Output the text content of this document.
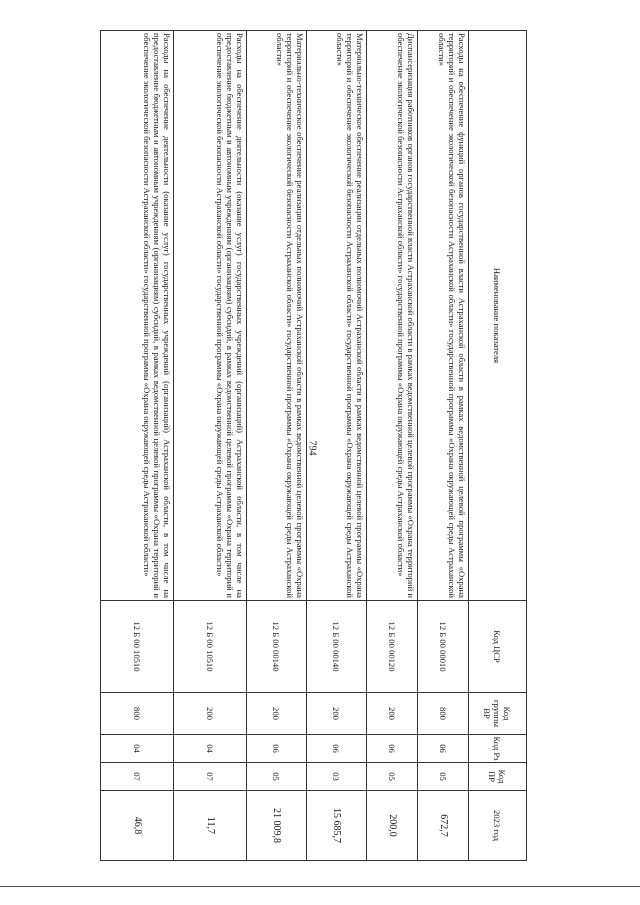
794
Наименование показателя	Код ЦСР	Код группы ВР	Код Рз	Код ПР	2023 год
Расходы на обеспечение функций органов государственной власти Астраханской области в рамках ведомственной целевой программы «Охрана территорий и обеспечение экологической безопасности Астраханской области» государственной программы «Охрана окружающей среды Астраханской области»	12 Б 00 00010	800	06	05	672,7
Диспансеризация работников органов государственной власти Астраханской области в рамках ведомственной целевой программы «Охрана территорий и обеспечение экологической безопасности Астраханской области» государственной программы «Охрана окружающей среды Астраханской области»	12 Б 00 00120	200	06	05	200,0
Материально-техническое обеспечение реализации отдельных полномочий Астраханской области в рамках ведомственной целевой программы «Охрана территорий и обеспечение экологической безопасности Астраханской области» государственной программы «Охрана окружающей среды Астраханской области»	12 Б 00 00140	200	06	03	15 685,7
Материально-техническое обеспечение реализации отдельных полномочий Астраханской области в рамках ведомственной целевой программы «Охрана территорий и обеспечение экологической безопасности Астраханской области» государственной программы «Охрана окружающей среды Астраханской области»	12 Б 00 00140	200	06	05	21 009,8
Расходы на обеспечение деятельности (оказание услуг) государственных учреждений (организаций) Астраханской области, в том числе на предоставление бюджетным и автономным учреждениям (организациям) субсидий, в рамках ведомственной целевой программы «Охрана территорий и обеспечение экологической безопасности Астраханской области» государственной программы «Охрана окружающей среды Астраханской области»	12 Б 00 10510	200	04	07	11,7
Расходы на обеспечение деятельности (оказание услуг) государственных учреждений (организаций) Астраханской области, в том числе на предоставление бюджетным и автономным учреждениям (организациям) субсидий, в рамках ведомственной целевой программы «Охрана территорий и обеспечение экологической безопасности Астраханской области» государственной программы «Охрана окружающей среды Астраханской области»	12 Б 00 10510	800	04	07	46,8
